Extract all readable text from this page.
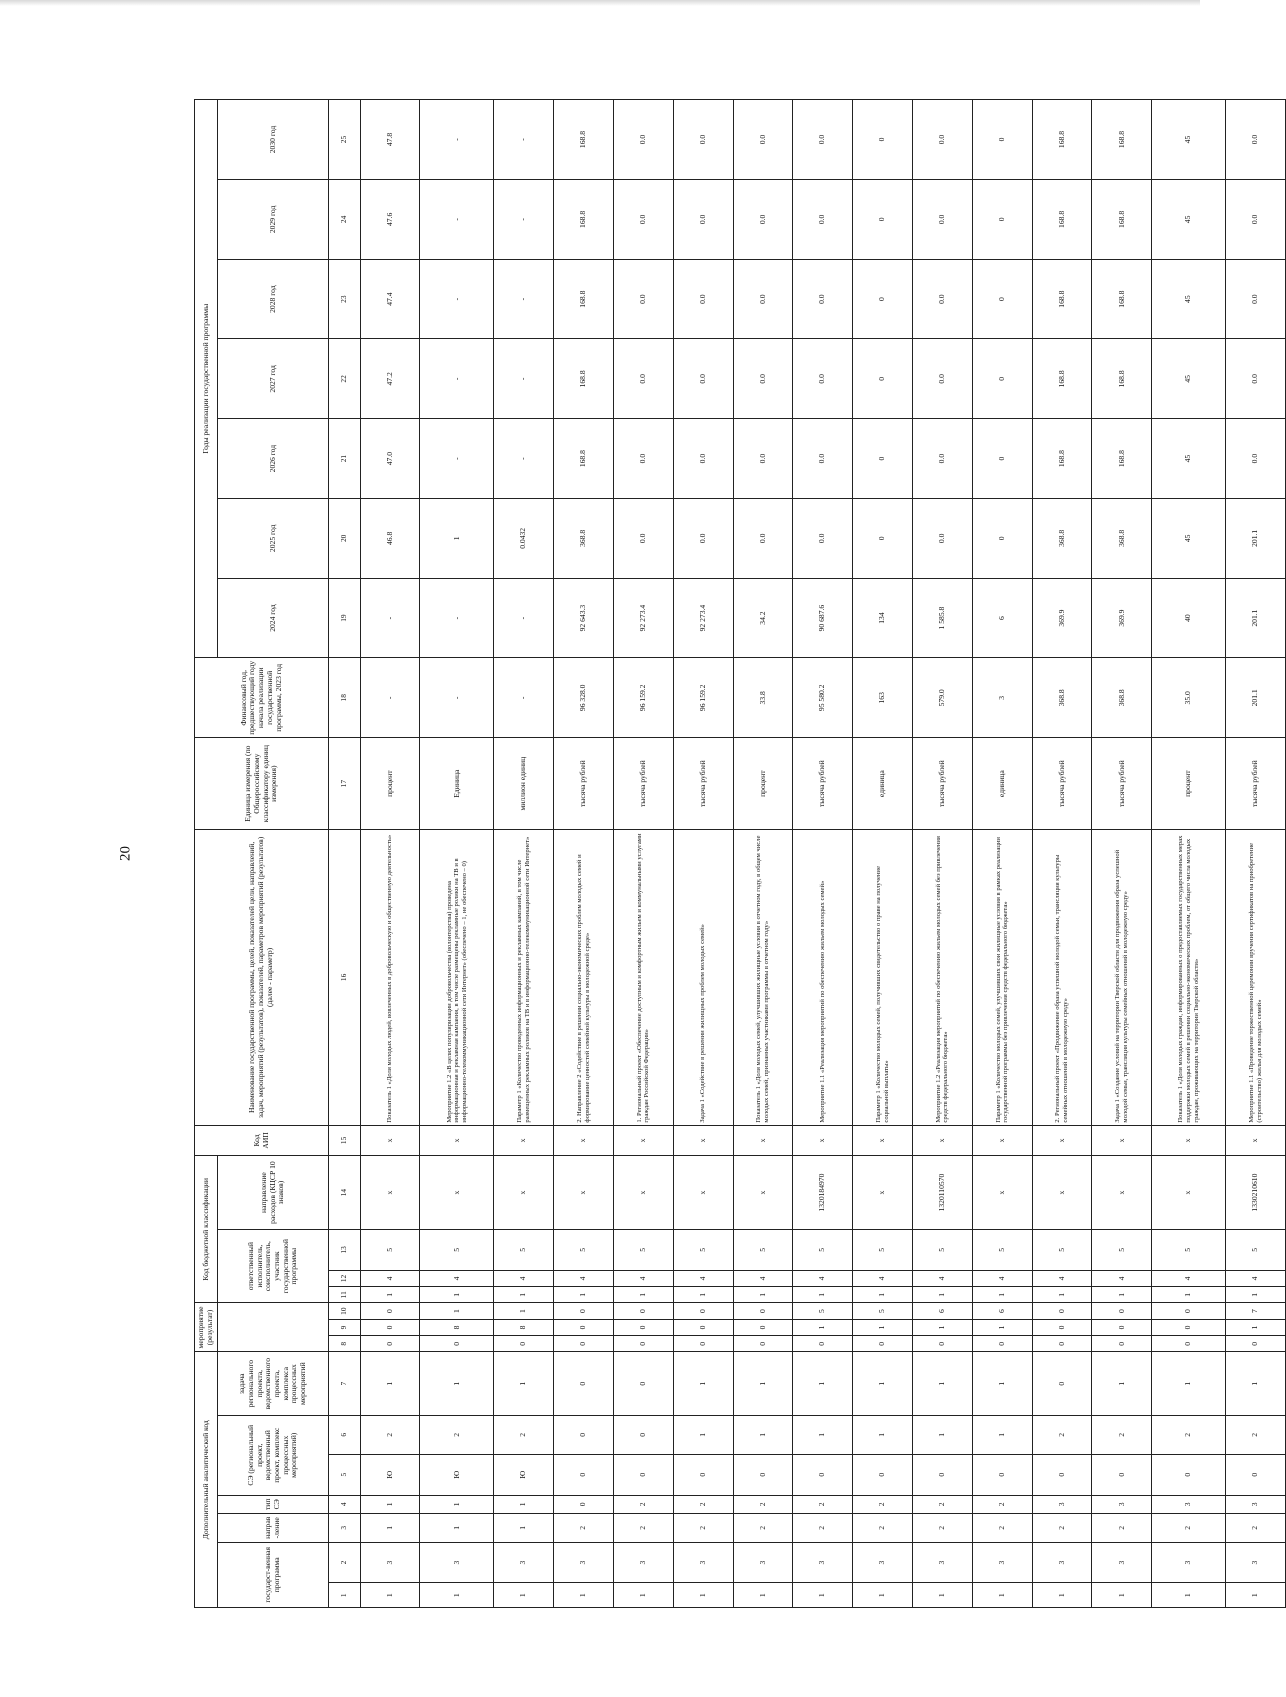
20
Дополнительный аналитический код							мероприятие (результат)			Код бюджетной классификации				Код АИП	Наименование государственной программы, целей, показателей цели, направлений, задач, мероприятий (результатов), показателей, параметров мероприятий (результатов) (далее - параметр)	Единица измерения (по Общероссийскому классификатору единиц измерения)	Финансовый год, предшествующий году начала реализации государственной программы, 2023 год	Годы реализации государственной программы						
государст-венная программа		направ-ление	тип СЭ	СЭ (региональный проект, ведомственный проект, комплекс процессных мероприятий)		задача регионального проекта, ведомственного проекта, комплекса процессных мероприятий				ответственный исполнитель, соисполнитель, участник государственной программы			направление расходов (КЦСР 10 знаков)					2024 год	2025 год	2026 год	2027 год	2028 год	2029 год	2030 год

1	2	3	4	5	6	7	8	9	10	11	12	13	14	15	16	17	18	19	20	21	22	23	24	25
1	3	1	1	Ю	2	1	0	0	0	1	4	5	x	x	Показатель 1 «Доля молодых людей, вовлеченных в добровольческую и общественную деятельность»	процент	-	-	46.8	47.0	47.2	47.4	47.6	47.8
1	3	1	1	Ю	2	1	0	8	1	1	4	5	x	x	Мероприятие 1.2 «В целях популяризации добровольчества (волонтерства) проведена информационная и рекламная кампания, в том числе размещены рекламные ролики на ТВ и в информационно-телекоммуникационной сети Интернет» (обеспечено – 1, не обеспечено – 0)	Единица	-	-	1	-	-	-	-	-
1	3	1	1	Ю	2	1	0	8	1	1	4	5	x	x	Параметр 1 «Количество проведенных информационных и рекламных кампаний, в том числе размещенных рекламных роликов на ТВ и в информационно-телекоммуникационной сети Интернет»	миллион единиц	-	-	0.0432	-	-	-	-	-
1	3	2	0	0	0	0	0	0	0	1	4	5	x	x	2. Направление 2 «Содействие в решении социально-экономических проблем молодых семей и формирование ценностей семейной культуры в молодежной среде»	тысяча рублей	96 328.0	92 643.3	368.8	168.8	168.8	168.8	168.8	168.8
1	3	2	2	0	0	0	0	0	0	1	4	5	x	x	1. Региональный проект «Обеспечение доступным и комфортным жильем и коммунальными услугами граждан Российской Федерации»	тысяча рублей	96 159.2	92 273.4	0.0	0.0	0.0	0.0	0.0	0.0
1	3	2	2	0	1	1	0	0	0	1	4	5	x	x	Задача 1 «Содействие в решении жилищных проблем молодых семей»	тысяча рублей	96 159.2	92 273.4	0.0	0.0	0.0	0.0	0.0	0.0
1	3	2	2	0	1	1	0	0	0	1	4	5	x	x	Показатель 1 «Доля молодых семей, улучшивших жилищные условия в отчетном году, в общем числе молодых семей, признанных участниками программы в отчетном году»	процент	33.8	34.2	0.0	0.0	0.0	0.0	0.0	0.0
1	3	2	2	0	1	1	0	1	5	1	4	5	1320184970	x	Мероприятие 1.1 «Реализация мероприятий по обеспечению жильем молодых семей»	тысяча рублей	95 580.2	90 687.6	0.0	0.0	0.0	0.0	0.0	0.0
1	3	2	2	0	1	1	0	1	5	1	4	5	x	x	Параметр 1 «Количество молодых семей, получивших свидетельство о праве на получение социальной выплаты»	единица	163	134	0	0	0	0	0	0
1	3	2	2	0	1	1	0	1	6	1	4	5	1320110570	x	Мероприятие 1.2 «Реализация мероприятий по обеспечению жильем молодых семей без привлечения средств федерального бюджета»	тысяча рублей	579.0	1 585.8	0.0	0.0	0.0	0.0	0.0	0.0
1	3	2	2	0	1	1	0	1	6	1	4	5	x	x	Параметр 1 «Количество молодых семей, улучшивших свои жилищные условия в рамках реализации государственной программы без привлечения средств федерального бюджета»	единица	3	6	0	0	0	0	0	0
1	3	2	3	0	2	0	0	0	0	1	4	5	x	x	2. Региональный проект «Продвижение образа успешной молодой семьи, трансляция культуры семейных отношений в молодежную среду»	тысяча рублей	368.8	369.9	368.8	168.8	168.8	168.8	168.8	168.8
1	3	2	3	0	2	1	0	0	0	1	4	5	x	x	Задача 1 «Создание условий на территории Тверской области для продвижения образа успешной молодой семьи, трансляция культуры семейных отношений в молодежную среду»	тысяча рублей	368.8	369.9	368.8	168.8	168.8	168.8	168.8	168.8
1	3	2	3	0	2	1	0	0	0	1	4	5	x	x	Показатель 1 «Доля молодых граждан, информированных о предоставляемых государственных мерах поддержки молодых семей в решении социально-экономических проблем, от общего числа молодых граждан, проживающих на территории Тверской области»	процент	35.0	40	45	45	45	45	45	45
1	3	2	3	0	2	1	0	1	7	1	4	5	1330210610	x	Мероприятие 1.1 «Проведение торжественной церемонии вручения сертификатов на приобретение (строительство) жилья для молодых семей»	тысяча рублей	201.1	201.1	201.1	0.0	0.0	0.0	0.0	0.0
